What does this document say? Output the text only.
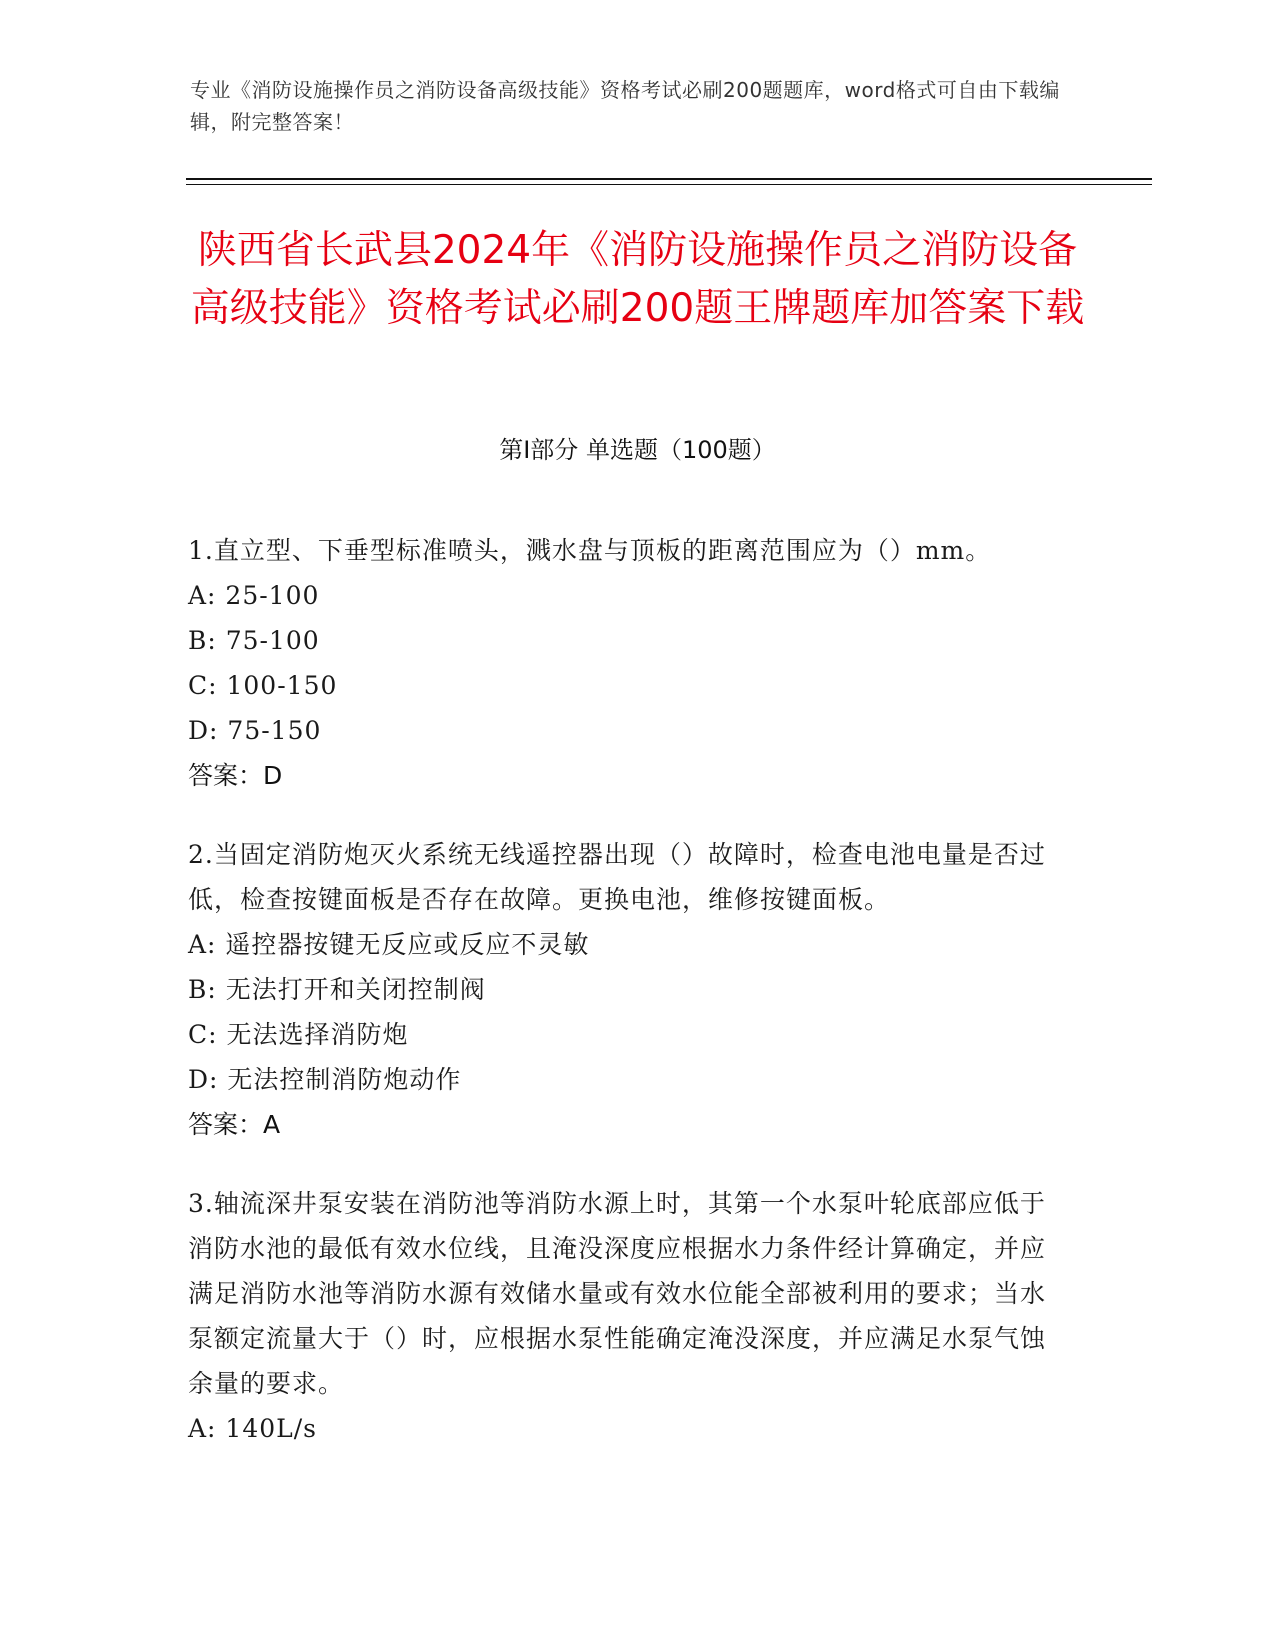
专业《消防设施操作员之消防设备高级技能》资格考试必刷200题题库，word格式可自由下载编辑，附完整答案！
陕西省长武县2024年《消防设施操作员之消防设备高级技能》资格考试必刷200题王牌题库加答案下载
第I部分 单选题（100题）
1.直立型、下垂型标准喷头，溅水盘与顶板的距离范围应为（）mm。
A: 25-100
B: 75-100
C: 100-150
D: 75-150
答案：D
2.当固定消防炮灭火系统无线遥控器出现（）故障时，检查电池电量是否过低，检查按键面板是否存在故障。更换电池，维修按键面板。
A: 遥控器按键无反应或反应不灵敏
B: 无法打开和关闭控制阀
C: 无法选择消防炮
D: 无法控制消防炮动作
答案：A
3.轴流深井泵安装在消防池等消防水源上时，其第一个水泵叶轮底部应低于消防水池的最低有效水位线，且淹没深度应根据水力条件经计算确定，并应满足消防水池等消防水源有效储水量或有效水位能全部被利用的要求；当水泵额定流量大于（）时，应根据水泵性能确定淹没深度，并应满足水泵气蚀余量的要求。
A: 140L/s
